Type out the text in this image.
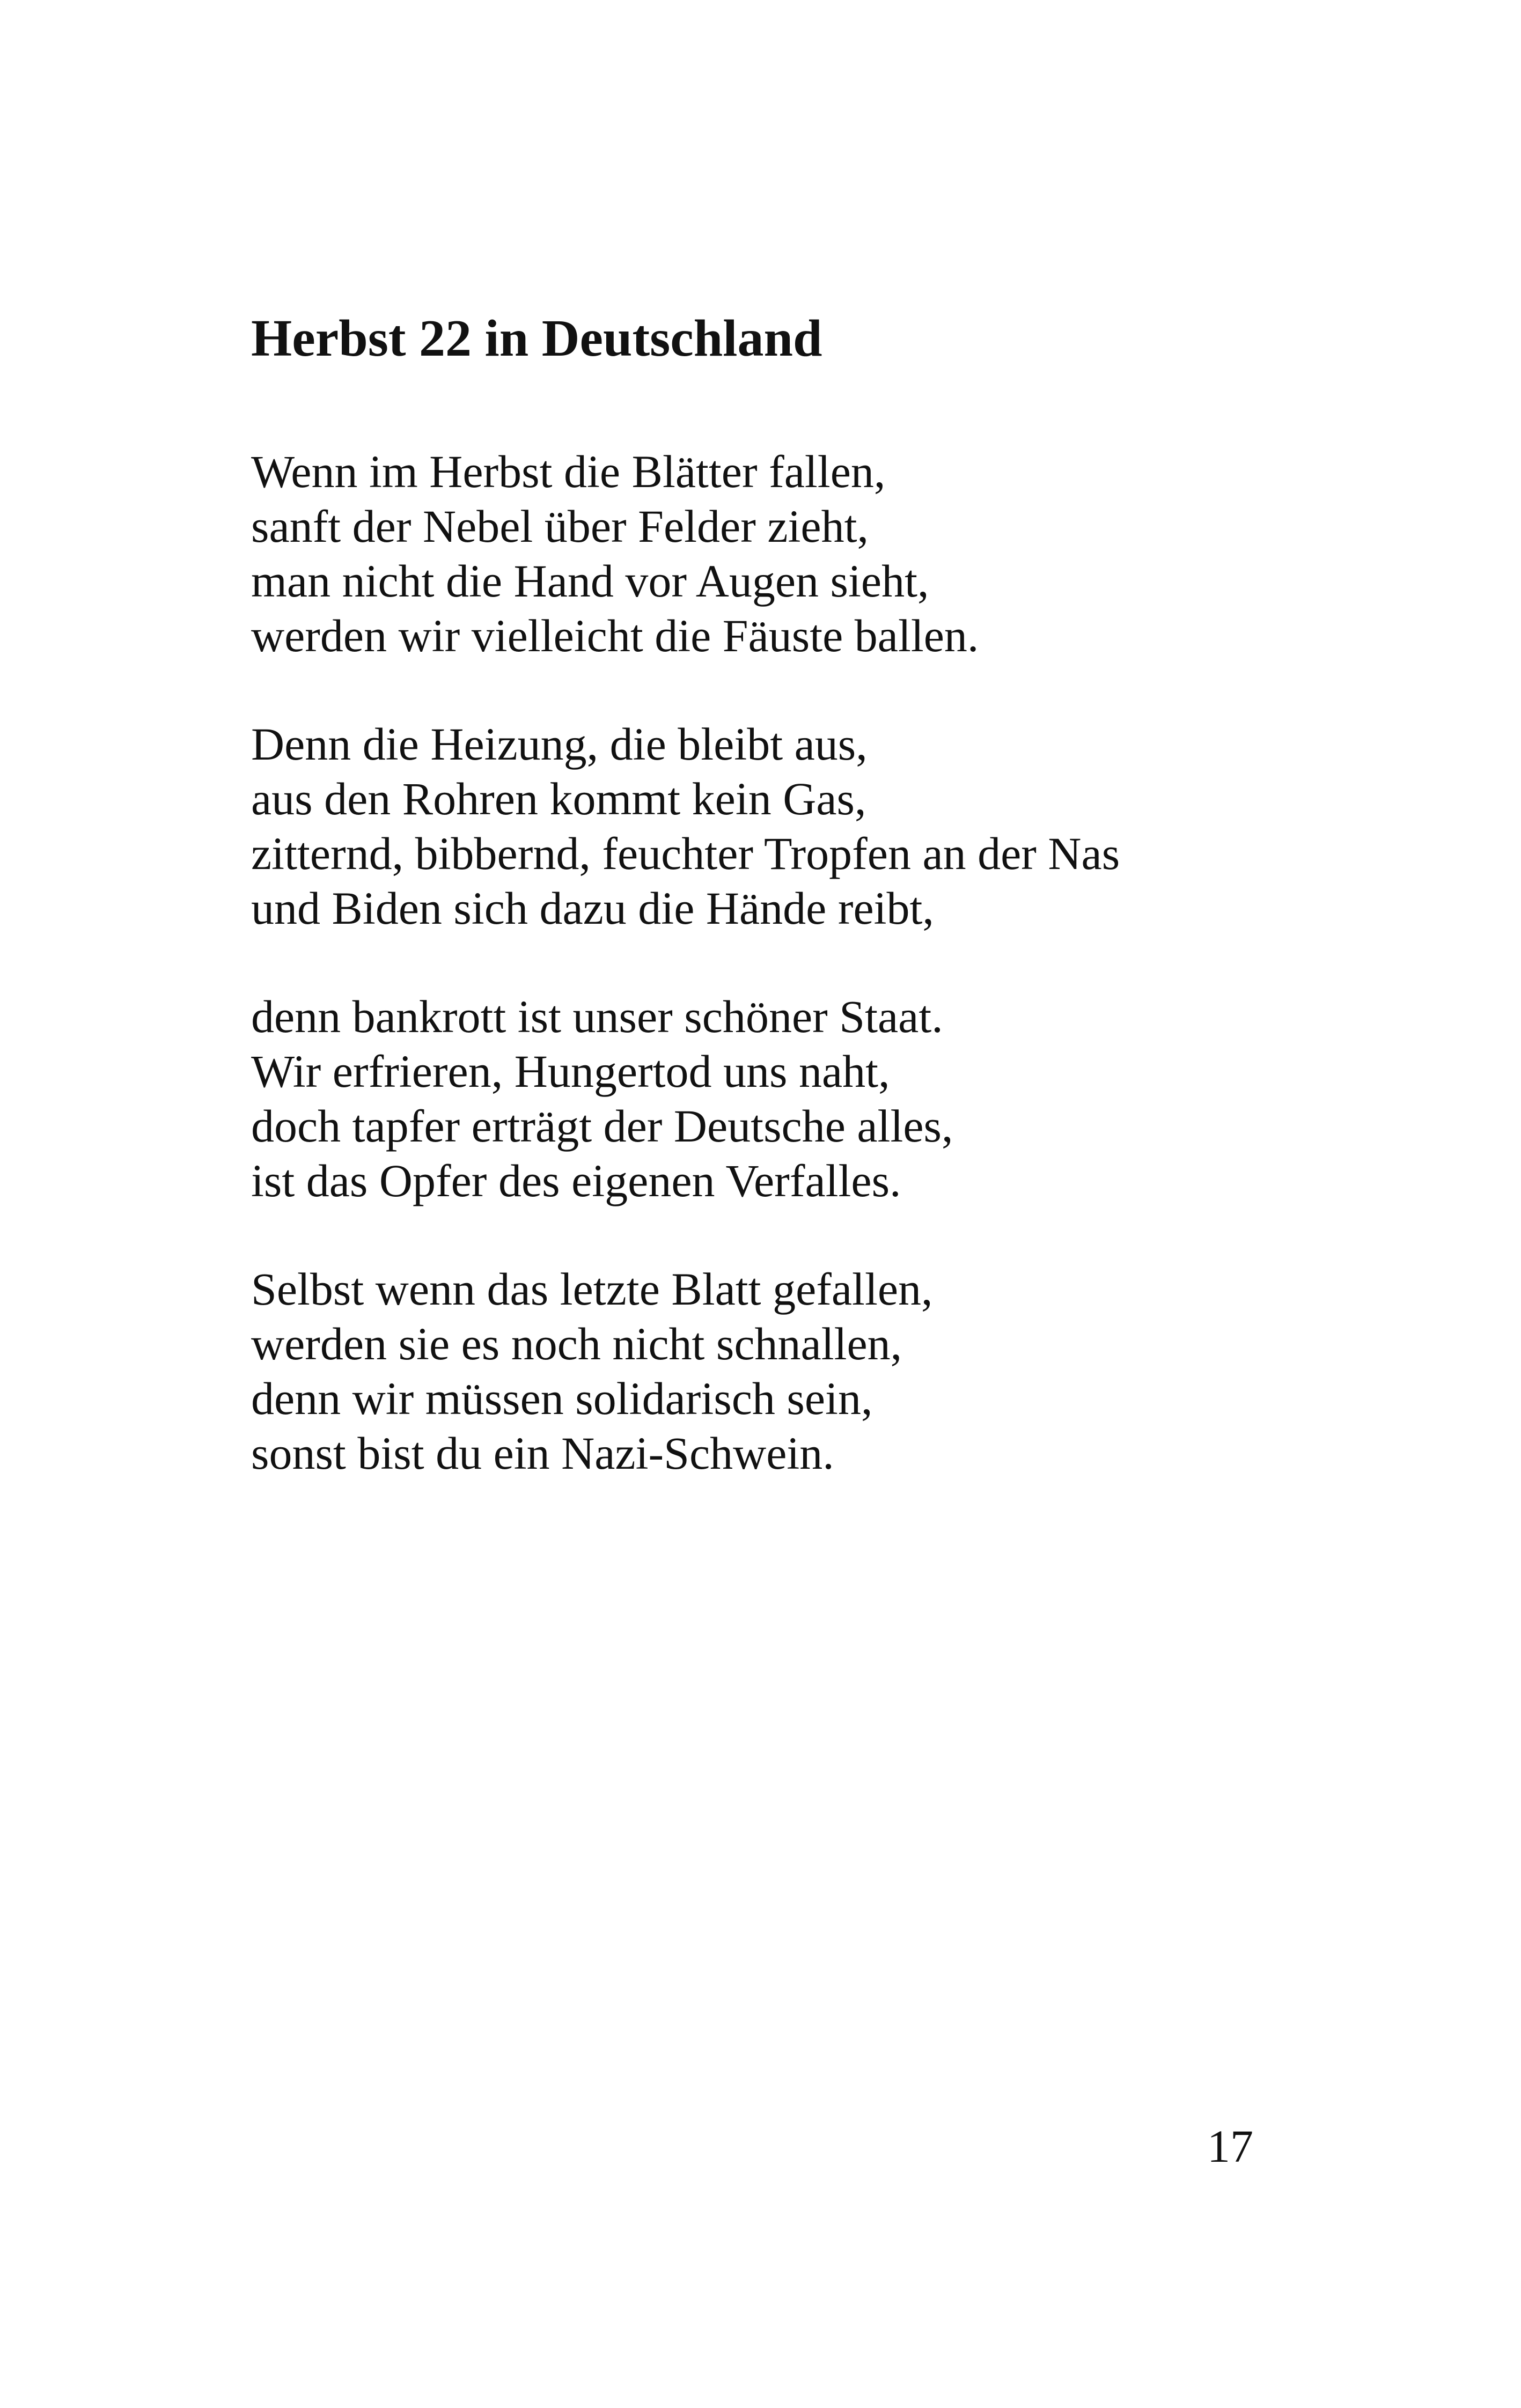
Herbst 22 in Deutschland
Wenn im Herbst die Blätter fallen,
sanft der Nebel über Felder zieht,
man nicht die Hand vor Augen sieht,
werden wir vielleicht die Fäuste ballen.
Denn die Heizung, die bleibt aus,
aus den Rohren kommt kein Gas,
zitternd, bibbernd, feuchter Tropfen an der Nas
und Biden sich dazu die Hände reibt,
denn bankrott ist unser schöner Staat.
Wir erfrieren, Hungertod uns naht,
doch tapfer erträgt der Deutsche alles,
ist das Opfer des eigenen Verfalles.
Selbst wenn das letzte Blatt gefallen,
werden sie es noch nicht schnallen,
denn wir müssen solidarisch sein,
sonst bist du ein Nazi-Schwein.
17
